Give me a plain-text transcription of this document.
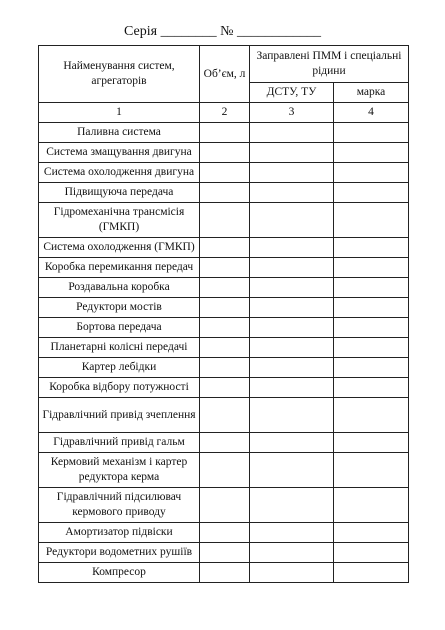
Серія ________ № ____________
Найменування систем, агрегаторів	Об’єм, л	Заправлені ПММ і спеціальні рідини	
		ДСТУ, ТУ	марка
1	2	3	4
Паливна система			
Система змащування двигуна			
Система охолодження двигуна			
Підвищуюча передача			
Гідромеханічна трансмісія (ГМКП)			
Система охолодження (ГМКП)			
Коробка перемикання передач			
Роздавальна коробка			
Редуктори мостів			
Бортова передача			
Планетарні колісні передачі			
Картер лебідки			
Коробка відбору потужності			
Гідравлічний привід зчеплення			
Гідравлічний привід гальм			
Кермовий механізм і картер редуктора керма			
Гідравлічний підсилювач кермового приводу			
Амортизатор підвіски			
Редуктори водометних рушіїв			
Компресор			
